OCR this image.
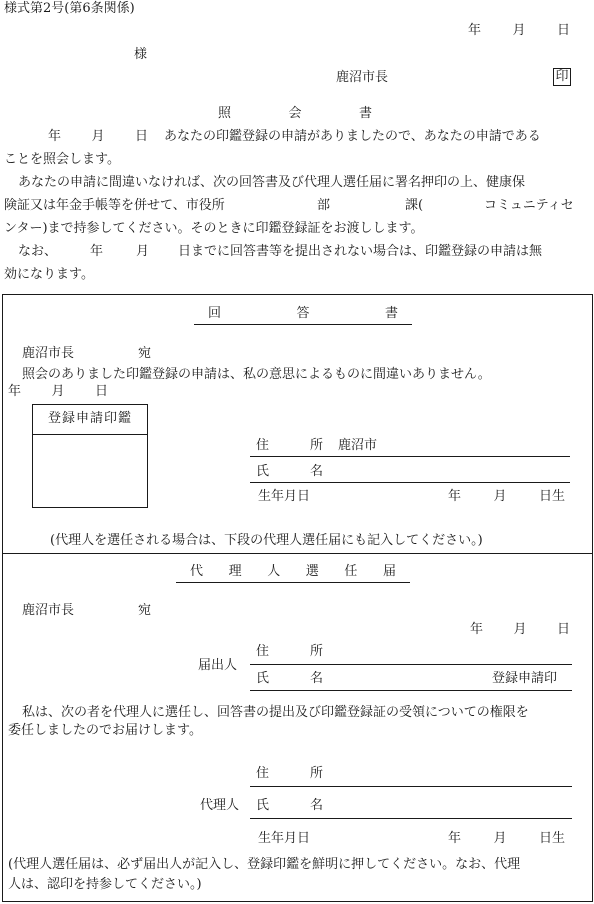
様式第2号(第6条関係)
年 月 日
様
鹿沼市長	印
照	会	書
年 月 日 あなたの印鑑登録の申請がありましたので、あなたの申請である
ことを照会します。
あなたの申請に間違いなければ、次の回答書及び代理人選任届に署名押印の上、健康保
険証又は年金手帳等を併せて、市役所	部	課(	コミュニティセ
ンター)まで持参してください。そのときに印鑑登録証をお渡しします。
なお、	年	月 日までに回答書等を提出されない場合は、印鑑登録の申請は無
効になります。
回	答	書
鹿沼市長	宛
照会のありました印鑑登録の申請は、私の意思によるものに間違いありません。
年 月 日
登録申請印鑑
住	所 鹿沼市
氏	名
生年月日	年 月 日生
(代理人を選任される場合は、下段の代理人選任届にも記入してください。)
代 理 人 選 任 届
鹿沼市長	宛
年 月 日
届出人
住	所
氏	名	登録申請印
私は、次の者を代理人に選任し、回答書の提出及び印鑑登録証の受領についての権限を
委任しましたのでお届けします。
住	所
代理人 氏	名
生年月日	年 月 日生
(代理人選任届は、必ず届出人が記入し、登録印鑑を鮮明に押してください。なお、代理
人は、認印を持参してください。)
